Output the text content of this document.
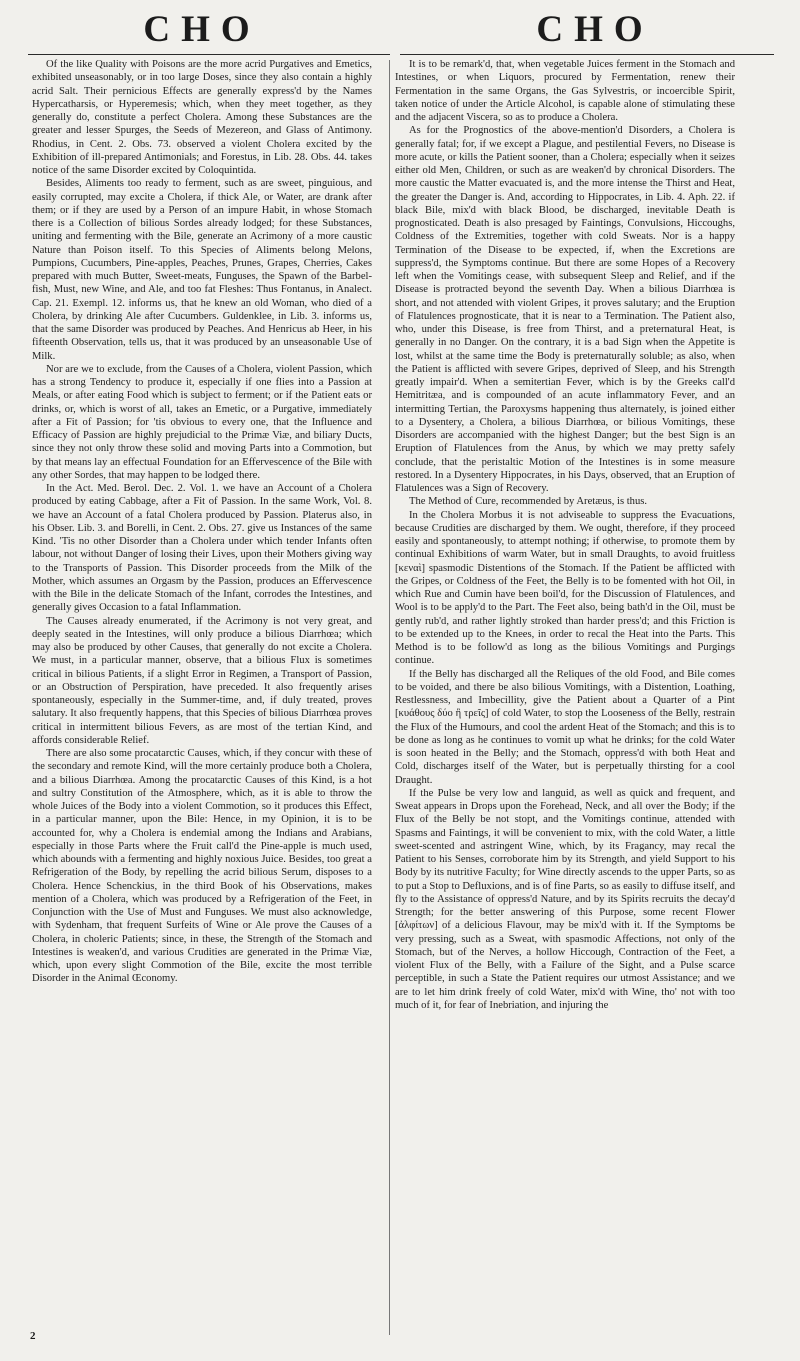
CHO	CHO

Of the like Quality with Poisons are the more acrid Purgatives and Emetics, exhibited unseasonably, or in too large Doses, since they also contain a highly acrid Salt. Their pernicious Effects are generally express'd by the Names Hypercatharsis, or Hyperemesis; which, when they meet together, as they generally do, constitute a perfect Cholera. Among these Substances are the greater and lesser Spurges, the Seeds of Mezereon, and Glass of Antimony. Rhodius, in Cent. 2. Obs. 73. observed a violent Cholera excited by the Exhibition of ill-prepared Antimonials; and Forestus, in Lib. 28. Obs. 44. takes notice of the same Disorder excited by Coloquintida.

Besides, Aliments too ready to ferment, such as are sweet, pinguious, and easily corrupted, may excite a Cholera, if thick Ale, or Water, are drank after them; or if they are used by a Person of an impure Habit, in whose Stomach there is a Collection of bilious Sordes already lodged; for these Substances, uniting and fermenting with the Bile, generate an Acrimony of a more caustic Nature than Poison itself. To this Species of Aliments belong Melons, Pumpions, Cucumbers, Pine-apples, Peaches, Prunes, Grapes, Cherries, Cakes prepared with much Butter, Sweet-meats, Funguses, the Spawn of the Barbel-fish, Must, new Wine, and Ale, and too fat Fleshes: Thus Fontanus, in Analect. Cap. 21. Exempl. 12. informs us, that he knew an old Woman, who died of a Cholera, by drinking Ale after Cucumbers. Guldenklee, in Lib. 3. informs us, that the same Disorder was produced by Peaches. And Henricus ab Heer, in his fifteenth Observation, tells us, that it was produced by an unseasonable Use of Milk.

Nor are we to exclude, from the Causes of a Cholera, violent Passion, which has a strong Tendency to produce it, especially if one flies into a Passion at Meals, or after eating Food which is subject to ferment; or if the Patient eats or drinks, or, which is worst of all, takes an Emetic, or a Purgative, immediately after a Fit of Passion; for 'tis obvious to every one, that the Influence and Efficacy of Passion are highly prejudicial to the Primæ Viæ, and biliary Ducts, since they not only throw these solid and moving Parts into a Commotion, but by that means lay an effectual Foundation for an Effervescence of the Bile with any other Sordes, that may happen to be lodged there.

In the Act. Med. Berol. Dec. 2. Vol. 1. we have an Account of a Cholera produced by eating Cabbage, after a Fit of Passion. In the same Work, Vol. 8. we have an Account of a fatal Cholera produced by Passion. Platerus also, in his Obser. Lib. 3. and Borelli, in Cent. 2. Obs. 27. give us Instances of the same Kind. 'Tis no other Disorder than a Cholera under which tender Infants often labour, not without Danger of losing their Lives, upon their Mothers giving way to the Transports of Passion. This Disorder proceeds from the Milk of the Mother, which assumes an Orgasm by the Passion, produces an Effervescence with the Bile in the delicate Stomach of the Infant, corrodes the Intestines, and generally gives Occasion to a fatal Inflammation.

The Causes already enumerated, if the Acrimony is not very great, and deeply seated in the Intestines, will only produce a bilious Diarrhœa; which may also be produced by other Causes, that generally do not excite a Cholera. We must, in a particular manner, observe, that a bilious Flux is sometimes critical in bilious Patients, if a slight Error in Regimen, a Transport of Passion, or an Obstruction of Perspiration, have preceded. It also frequently arises spontaneously, especially in the Summer-time, and, if duly treated, proves salutary. It also frequently happens, that this Species of bilious Diarrhœa proves critical in intermittent bilious Fevers, as are most of the tertian Kind, and affords considerable Relief.

There are also some procatarctic Causes, which, if they concur with these of the secondary and remote Kind, will the more certainly produce both a Cholera, and a bilious Diarrhœa. Among the procatarctic Causes of this Kind, is a hot and sultry Constitution of the Atmosphere, which, as it is able to throw the whole Juices of the Body into a violent Commotion, so it produces this Effect, in a particular manner, upon the Bile: Hence, in my Opinion, it is to be accounted for, why a Cholera is endemial among the Indians and Arabians, especially in those Parts where the Fruit call'd the Pine-apple is much used, which abounds with a fermenting and highly noxious Juice. Besides, too great a Refrigeration of the Body, by repelling the acrid bilious Serum, disposes to a Cholera. Hence Schenckius, in the third Book of his Observations, makes mention of a Cholera, which was produced by a Refrigeration of the Feet, in Conjunction with the Use of Must and Funguses. We must also acknowledge, with Sydenham, that frequent Surfeits of Wine or Ale prove the Causes of a Cholera, in choleric Patients; since, in these, the Strength of the Stomach and Intestines is weaken'd, and various Crudities are generated in the Primæ Viæ, which, upon every slight Commotion of the Bile, excite the most terrible Disorder in the Animal Œconomy.

It is to be remark'd, that, when vegetable Juices ferment in the Stomach and Intestines, or when Liquors, procured by Fermentation, renew their Fermentation in the same Organs, the Gas Sylvestris, or incoercible Spirit, taken notice of under the Article Alcohol, is capable alone of stimulating these and the adjacent Viscera, so as to produce a Cholera.

As for the Prognostics of the above-mention'd Disorders, a Cholera is generally fatal; for, if we except a Plague, and pestilential Fevers, no Disease is more acute, or kills the Patient sooner, than a Cholera; especially when it seizes either old Men, Children, or such as are weaken'd by chronical Disorders. The more caustic the Matter evacuated is, and the more intense the Thirst and Heat, the greater the Danger is. And, according to Hippocrates, in Lib. 4. Aph. 22. if black Bile, mix'd with black Blood, be discharged, inevitable Death is prognosticated. Death is also presaged by Faintings, Convulsions, Hiccoughs, Coldness of the Extremities, together with cold Sweats. Nor is a happy Termination of the Disease to be expected, if, when the Excretions are suppress'd, the Symptoms continue. But there are some Hopes of a Recovery left when the Vomitings cease, with subsequent Sleep and Relief, and if the Disease is protracted beyond the seventh Day. When a bilious Diarrhœa is short, and not attended with violent Gripes, it proves salutary; and the Eruption of Flatulences prognosticate, that it is near to a Termination. The Patient also, who, under this Disease, is free from Thirst, and a preternatural Heat, is generally in no Danger. On the contrary, it is a bad Sign when the Appetite is lost, whilst at the same time the Body is preternaturally soluble; as also, when the Patient is afflicted with severe Gripes, deprived of Sleep, and his Strength greatly impair'd. When a semitertian Fever, which is by the Greeks call'd Hemitritæa, and is compounded of an acute inflammatory Fever, and an intermitting Tertian, the Paroxysms happening thus alternately, is joined either to a Dysentery, a Cholera, a bilious Diarrhœa, or bilious Vomitings, these Disorders are accompanied with the highest Danger; but the best Sign is an Eruption of Flatulences from the Anus, by which we may pretty safely conclude, that the peristaltic Motion of the Intestines is in some measure restored. In a Dysentery Hippocrates, in his Days, observed, that an Eruption of Flatulences was a Sign of Recovery.

The Method of Cure, recommended by Aretæus, is thus.

In the Cholera Morbus it is not adviseable to suppress the Evacuations, because Crudities are discharged by them. We ought, therefore, if they proceed easily and spontaneously, to attempt nothing; if otherwise, to promote them by continual Exhibitions of warm Water, but in small Draughts, to avoid fruitless [κεναὶ] spasmodic Distentions of the Stomach. If the Patient be afflicted with the Gripes, or Coldness of the Feet, the Belly is to be fomented with hot Oil, in which Rue and Cumin have been boil'd, for the Discussion of Flatulences, and Wool is to be apply'd to the Part. The Feet also, being bath'd in the Oil, must be gently rub'd, and rather lightly stroked than harder press'd; and this Friction is to be extended up to the Knees, in order to recal the Heat into the Parts. This Method is to be follow'd as long as the bilious Vomitings and Purgings continue.

If the Belly has discharged all the Reliques of the old Food, and Bile comes to be voided, and there be also bilious Vomitings, with a Distention, Loathing, Restlessness, and Imbecillity, give the Patient about a Quarter of a Pint [κυάθους δύο ἢ τρεῖς] of cold Water, to stop the Looseness of the Belly, restrain the Flux of the Humours, and cool the ardent Heat of the Stomach; and this is to be done as long as he continues to vomit up what he drinks; for the cold Water is soon heated in the Belly; and the Stomach, oppress'd with both Heat and Cold, discharges itself of the Water, but is perpetually thirsting for a cool Draught.

If the Pulse be very low and languid, as well as quick and frequent, and Sweat appears in Drops upon the Forehead, Neck, and all over the Body; if the Flux of the Belly be not stopt, and the Vomitings continue, attended with Spasms and Faintings, it will be convenient to mix, with the cold Water, a little sweet-scented and astringent Wine, which, by its Fragancy, may recal the Patient to his Senses, corroborate him by its Strength, and yield Support to his Body by its nutritive Faculty; for Wine directly ascends to the upper Parts, so as to put a Stop to Defluxions, and is of fine Parts, so as easily to diffuse itself, and fly to the Assistance of oppress'd Nature, and by its Spirits recruits the decay'd Strength; for the better answering of this Purpose, some recent Flower [ἀλφίτων] of a delicious Flavour, may be mix'd with it. If the Symptoms be very pressing, such as a Sweat, with spasmodic Affections, not only of the Stomach, but of the Nerves, a hollow Hiccough, Contraction of the Feet, a violent Flux of the Belly, with a Failure of the Sight, and a Pulse scarce perceptible, in such a State the Patient requires our utmost Assistance; and we are to let him drink freely of cold Water, mix'd with Wine, tho' not with too much of it, for fear of Inebriation, and injuring the

2
